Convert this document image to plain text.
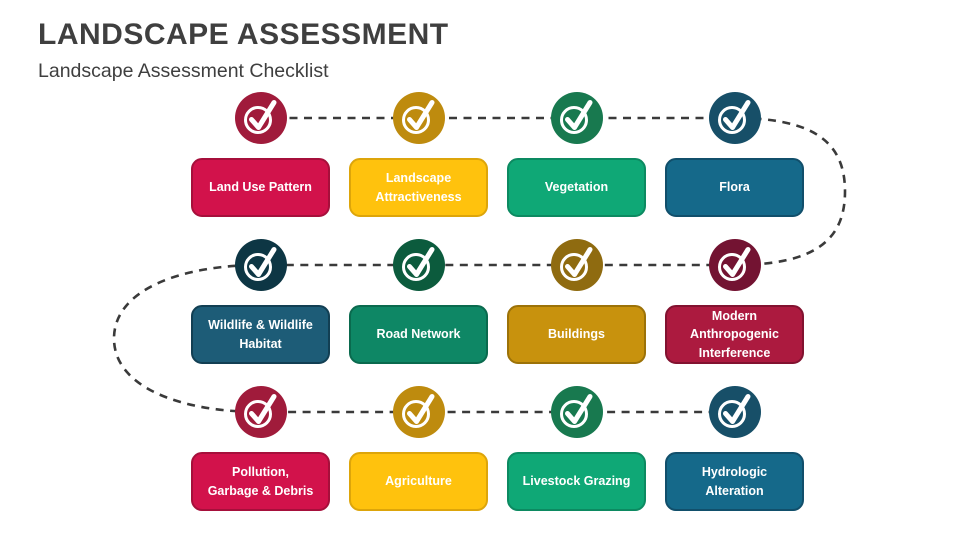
LANDSCAPE ASSESSMENT
Landscape Assessment Checklist
Land Use Pattern
Landscape Attractiveness
Vegetation	Flora
Wildlife & Wildlife Habitat
Road Network	Buildings
Modern Anthropogenic Interference
Pollution, Garbage & Debris
Agriculture	Livestock Grazing
Hydrologic Alteration
